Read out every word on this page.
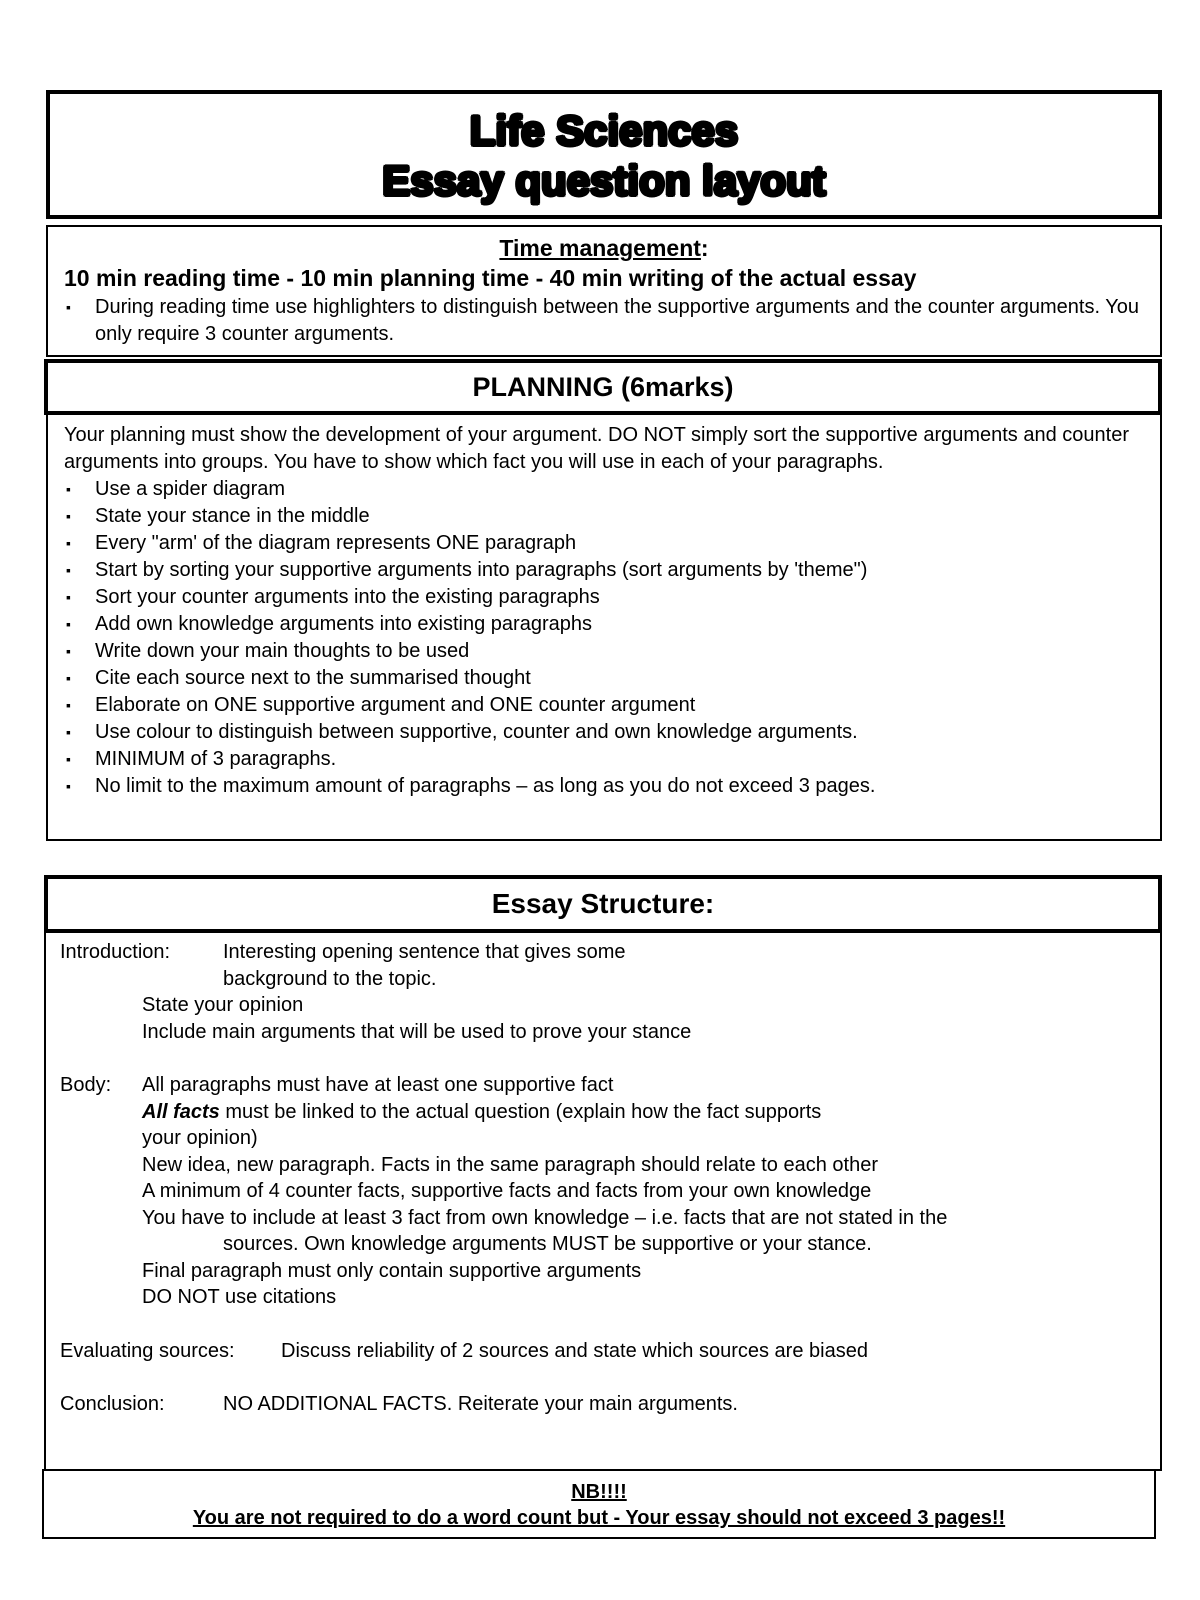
Life Sciences
Essay question layout
Time management:
10 min reading time - 10 min planning time - 40 min writing of the actual essay
▪ During reading time use highlighters to distinguish between the supportive arguments and the counter arguments. You only require 3 counter arguments.
PLANNING (6marks)
Your planning must show the development of your argument. DO NOT simply sort the supportive arguments and counter arguments into groups. You have to show which fact you will use in each of your paragraphs.
▪ Use a spider diagram
▪ State your stance in the middle
▪ Every "arm' of the diagram represents ONE paragraph
▪ Start by sorting your supportive arguments into paragraphs (sort arguments by 'theme")
▪ Sort your counter arguments into the existing paragraphs
▪ Add own knowledge arguments into existing paragraphs
▪ Write down your main thoughts to be used
▪ Cite each source next to the summarised thought
▪ Elaborate on ONE supportive argument and ONE counter argument
▪ Use colour to distinguish between supportive, counter and own knowledge arguments.
▪ MINIMUM of 3 paragraphs.
▪ No limit to the maximum amount of paragraphs – as long as you do not exceed 3 pages.
Essay Structure:
Introduction:	Interesting opening sentence that gives some
background to the topic.
State your opinion
Include main arguments that will be used to prove your stance
Body: All paragraphs must have at least one supportive fact
All facts must be linked to the actual question (explain how the fact supports
your opinion)
New idea, new paragraph. Facts in the same paragraph should relate to each other
A minimum of 4 counter facts, supportive facts and facts from your own knowledge
You have to include at least 3 fact from own knowledge – i.e. facts that are not stated in the
sources. Own knowledge arguments MUST be supportive or your stance.
Final paragraph must only contain supportive arguments
DO NOT use citations
Evaluating sources: Discuss reliability of 2 sources and state which sources are biased
Conclusion:	NO ADDITIONAL FACTS. Reiterate your main arguments.
NB!!!!
You are not required to do a word count but - Your essay should not exceed 3 pages!!
